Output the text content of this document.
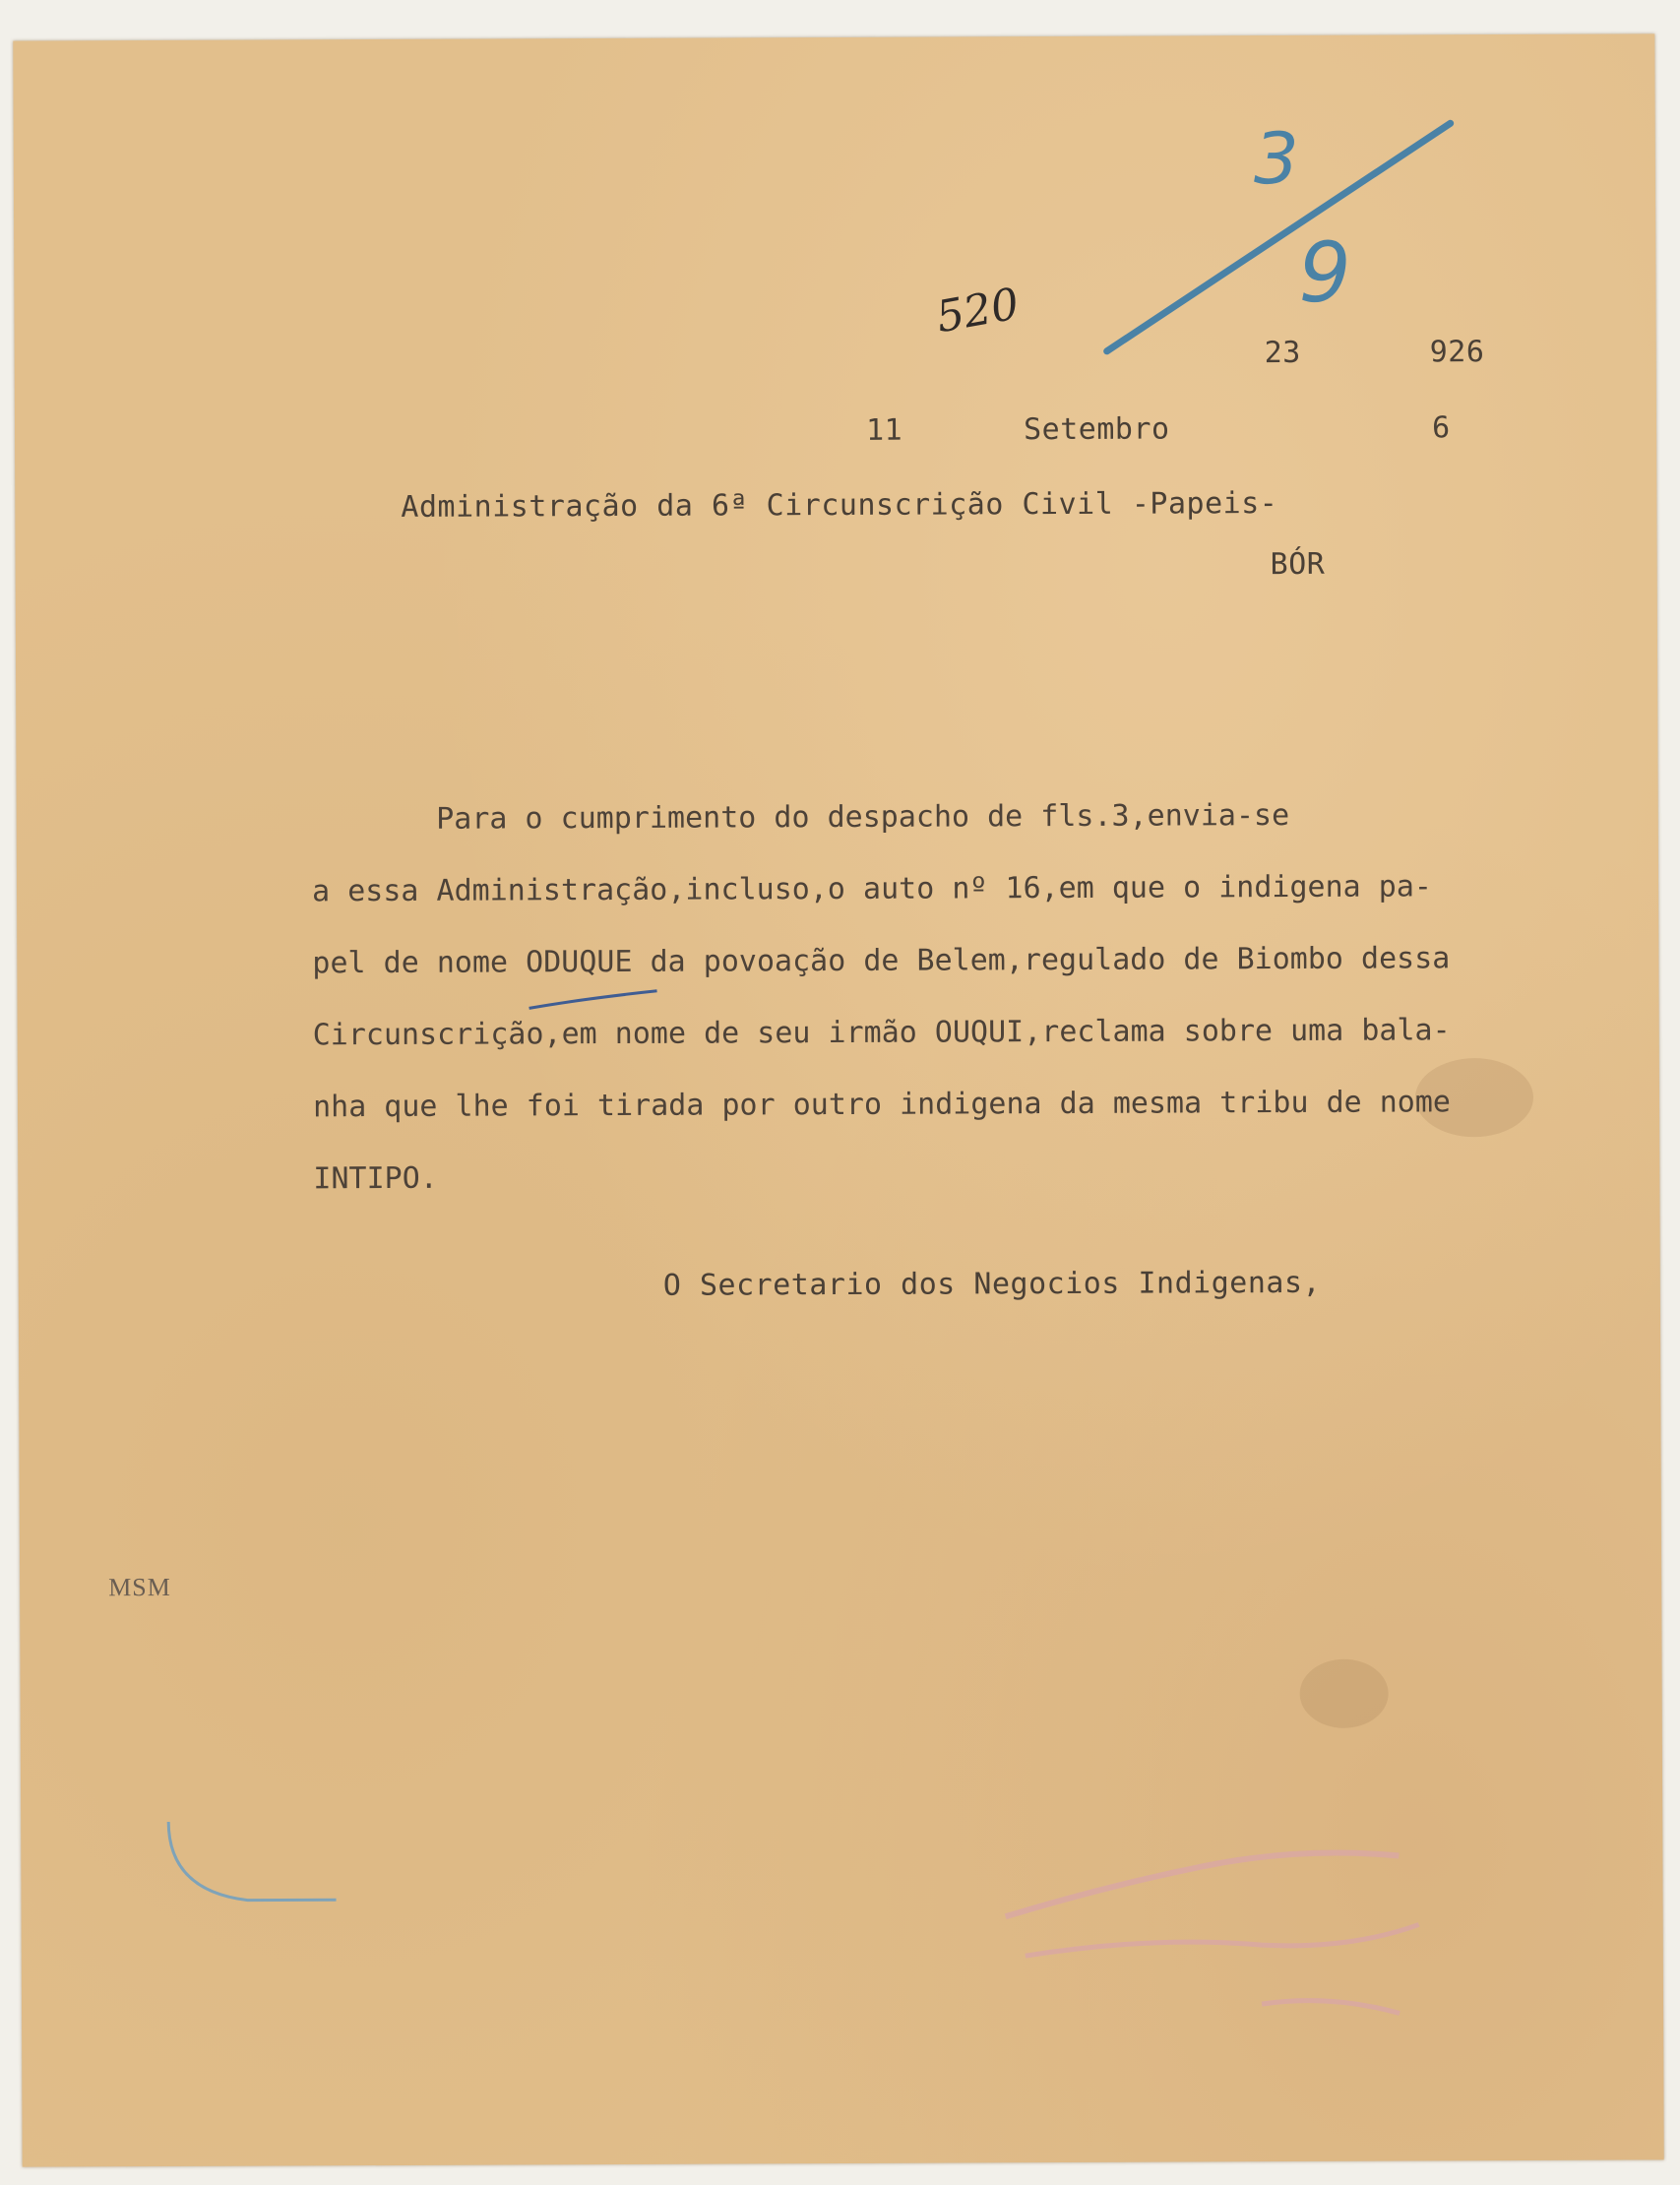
520
3
9
23	926
11	Setembro	6
Administração da 6ª Circunscrição Civil -Papeis-
BÓR
Para o cumprimento do despacho de fls.3,envia-se
a essa Administração,incluso,o auto nº 16,em que o indigena pa-
pel de nome ODUQUE da povoação de Belem,regulado de Biombo dessa
Circunscrição,em nome de seu irmão OUQUI,reclama sobre uma bala-
nha que lhe foi tirada por outro indigena da mesma tribu de nome
INTIPO.
O Secretario dos Negocios Indigenas,
MSM
